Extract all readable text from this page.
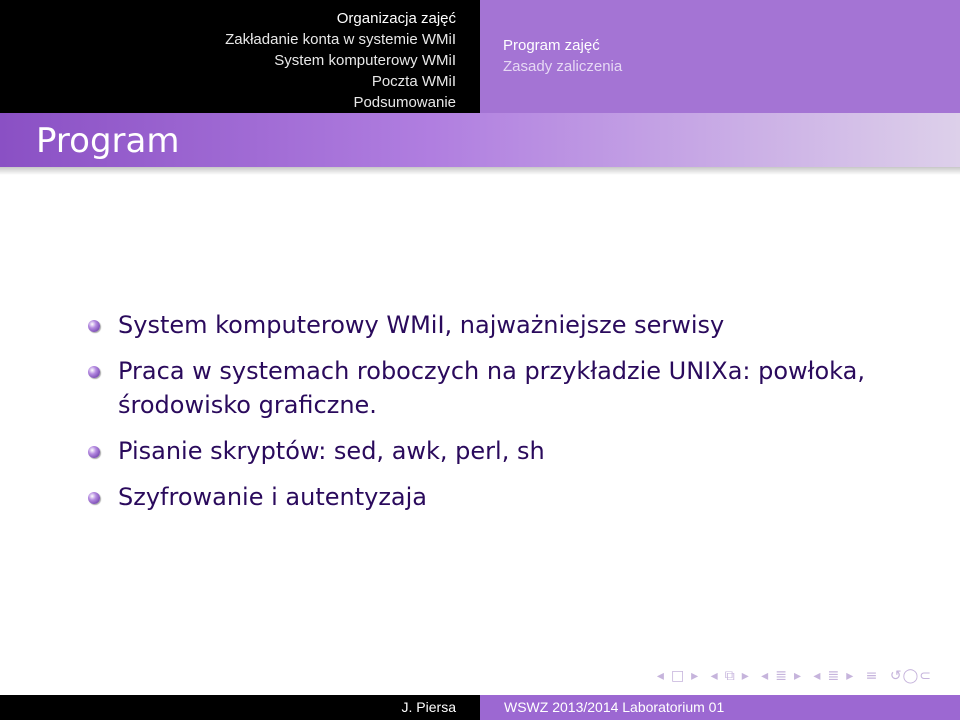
Organizacja zajęć
Zakładanie konta w systemie WMiI
System komputerowy WMiI
Poczta WMiI
Podsumowanie
Program zajęć
Zasady zaliczenia
Program
System komputerowy WMiI, najważniejsze serwisy
Praca w systemach roboczych na przykładzie UNIXa: powłoka, środowisko graficzne.
Pisanie skryptów: sed, awk, perl, sh
Szyfrowanie i autentyzaja
◂ □ ▸ ◂ ⧉ ▸ ◂ ≣ ▸ ◂ ≣ ▸ ≡ ↺◯⊂
J. Piersa	WSWZ 2013/2014 Laboratorium 01
